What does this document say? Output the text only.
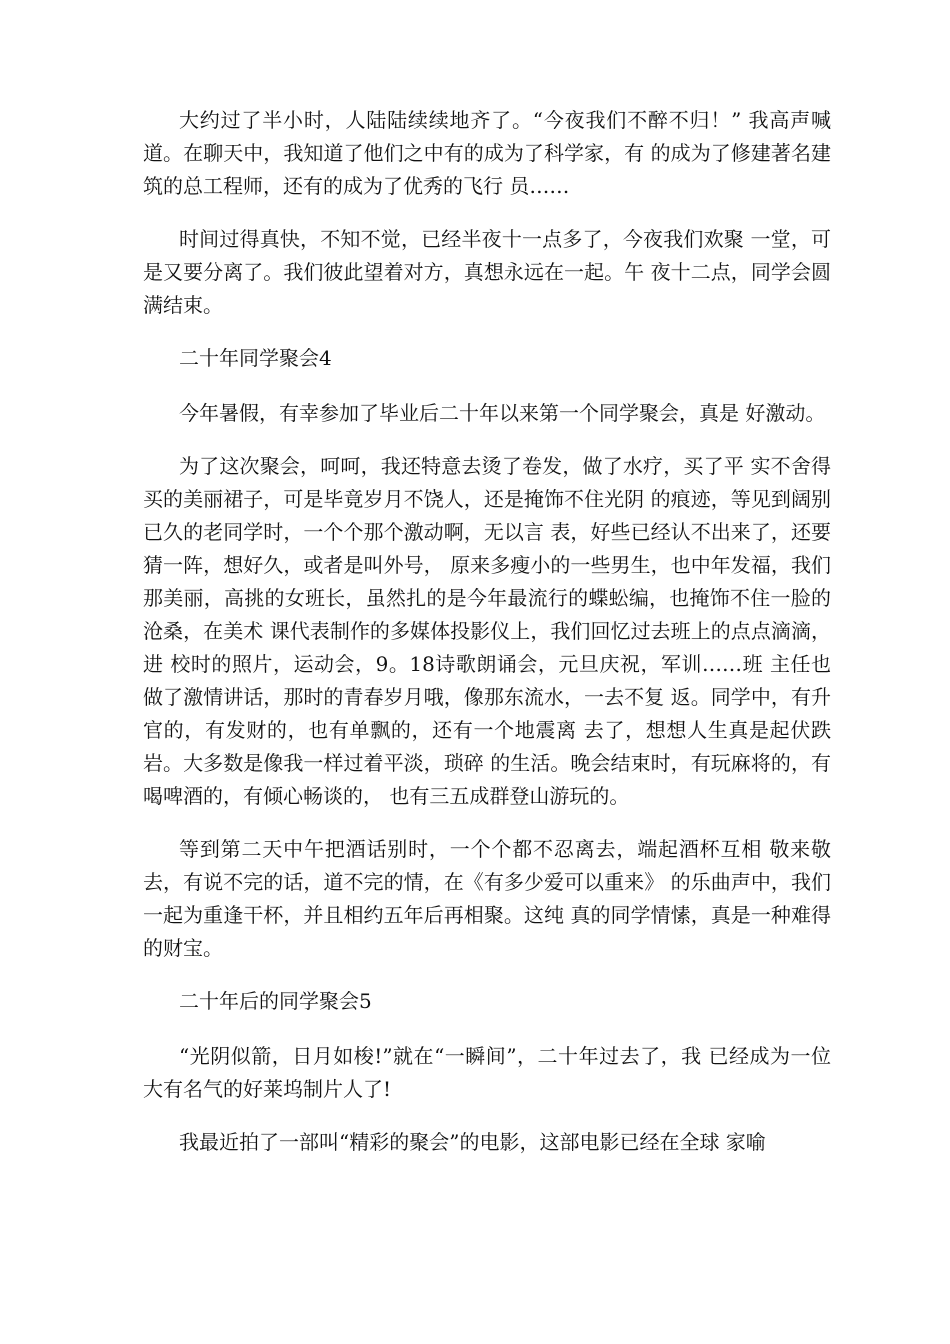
大约过了半小时，人陆陆续续地齐了。“今夜我们不醉不归！” 我高声喊道。在聊天中，我知道了他们之中有的成为了科学家，有 的成为了修建著名建筑的总工程师，还有的成为了优秀的飞行 员……

时间过得真快，不知不觉，已经半夜十一点多了，今夜我们欢聚 一堂，可是又要分离了。我们彼此望着对方，真想永远在一起。午 夜十二点，同学会圆满结束。

二十年同学聚会4

今年暑假，有幸参加了毕业后二十年以来第一个同学聚会，真是 好激动。

为了这次聚会，呵呵，我还特意去烫了卷发，做了水疗，买了平 实不舍得买的美丽裙子，可是毕竟岁月不饶人，还是掩饰不住光阴 的痕迹，等见到阔别已久的老同学时，一个个那个激动啊，无以言 表，好些已经认不出来了，还要猜一阵，想好久，或者是叫外号， 原来多瘦小的一些男生，也中年发福，我们那美丽，高挑的女班长，虽然扎的是今年最流行的蝶蚣编，也掩饰不住一脸的沧桑，在美术 课代表制作的多媒体投影仪上，我们回忆过去班上的点点滴滴，进 校时的照片，运动会，9。18诗歌朗诵会，元旦庆祝，军训……班 主任也做了激情讲话，那时的青春岁月哦，像那东流水，一去不复 返。同学中，有升官的，有发财的，也有单飘的，还有一个地震离 去了，想想人生真是起伏跌岩。大多数是像我一样过着平淡，琐碎 的生活。晚会结束时，有玩麻将的，有喝啤酒的，有倾心畅谈的， 也有三五成群登山游玩的。

等到第二天中午把酒话别时，一个个都不忍离去，端起酒杯互相 敬来敬去，有说不完的话，道不完的情，在《有多少爱可以重来》 的乐曲声中，我们一起为重逢干杯，并且相约五年后再相聚。这纯 真的同学情愫，真是一种难得的财宝。

二十年后的同学聚会5

“光阴似箭，日月如梭!”就在“一瞬间”，二十年过去了，我 已经成为一位大有名气的好莱坞制片人了!

我最近拍了一部叫“精彩的聚会”的电影，这部电影已经在全球 家喻
